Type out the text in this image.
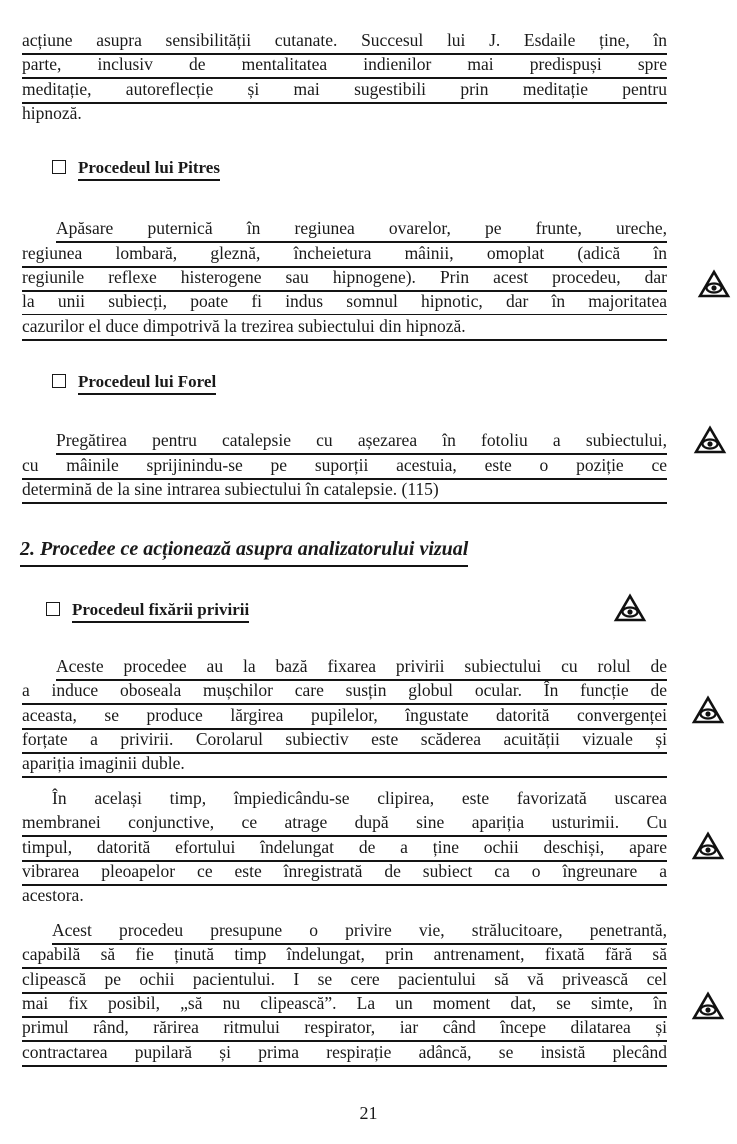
acțiune asupra sensibilității cutanate. Succesul lui J. Esdaile ține, în
parte, inclusiv de mentalitatea indienilor mai predispuși spre
meditație, autoreflecție și mai sugestibili prin meditație pentru
hipnoză.
Procedeul lui Pitres
Apăsare puternică în regiunea ovarelor, pe frunte, ureche,
regiunea lombară, gleznă, încheietura mâinii, omoplat (adică în
regiunile reflexe histerogene sau hipnogene). Prin acest procedeu, dar
la unii subiecți, poate fi indus somnul hipnotic, dar în majoritatea
cazurilor el duce dimpotrivă la trezirea subiectului din hipnoză.
Procedeul lui Forel
Pregătirea pentru catalepsie cu așezarea în fotoliu a subiectului,
cu mâinile sprijinindu-se pe suporții acestuia, este o poziție ce
determină de la sine intrarea subiectului în catalepsie. (115)
2. Procedee ce acționează asupra analizatorului vizual
Procedeul fixării privirii
Aceste procedee au la bază fixarea privirii subiectului cu rolul de
a induce oboseala mușchilor care susțin globul ocular. În funcție de
aceasta, se produce lărgirea pupilelor, îngustate datorită convergenței
forțate a privirii. Corolarul subiectiv este scăderea acuității vizuale și
apariția imaginii duble.
În același timp, împiedicându-se clipirea, este favorizată uscarea
membranei conjunctive, ce atrage după sine apariția usturimii. Cu
timpul, datorită efortului îndelungat de a ține ochii deschiși, apare
vibrarea pleoapelor ce este înregistrată de subiect ca o îngreunare a
acestora.
Acest procedeu presupune o privire vie, strălucitoare, penetrantă,
capabilă să fie ținută timp îndelungat, prin antrenament, fixată fără să
clipească pe ochii pacientului. I se cere pacientului să vă privească cel
mai fix posibil, „să nu clipească”. La un moment dat, se simte, în
primul rând, rărirea ritmului respirator, iar când începe dilatarea și
contractarea pupilară și prima respirație adâncă, se insistă plecând
21
